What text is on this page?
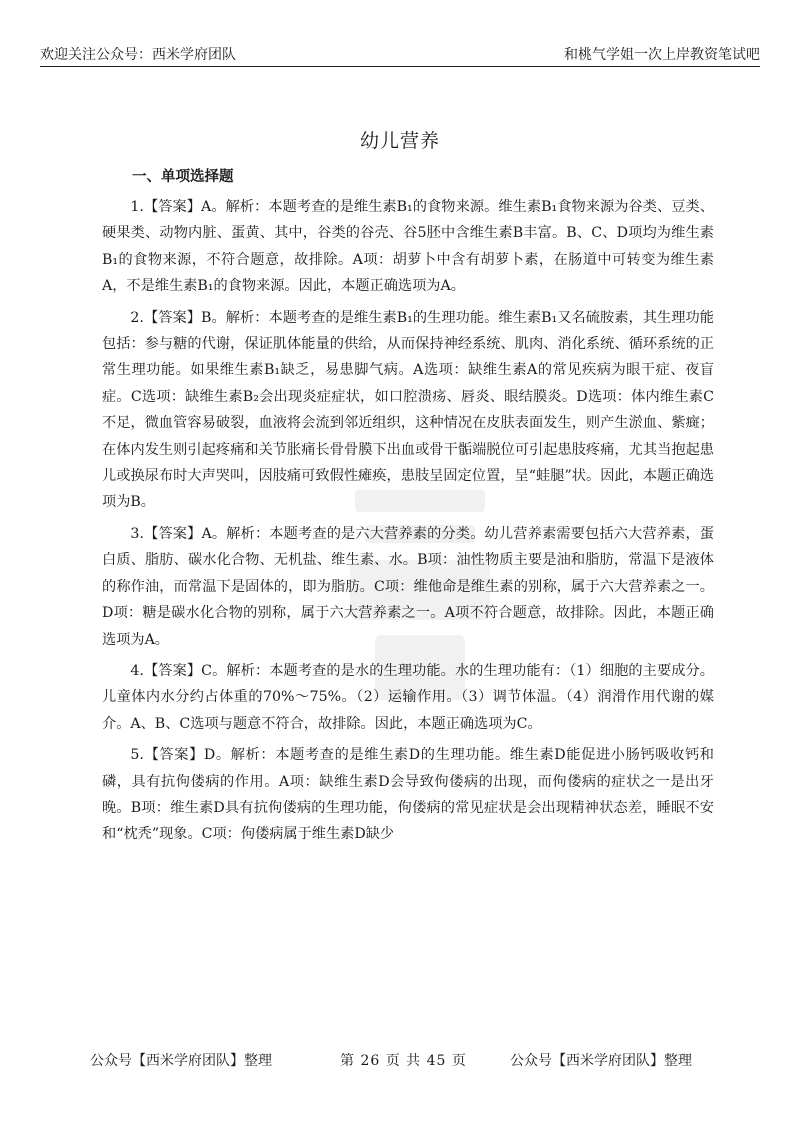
欢迎关注公众号：西米学府团队	和桃气学姐一次上岸教资笔试吧
幼儿营养
一、单项选择题

1.【答案】A。解析：本题考查的是维生素B₁的食物来源。维生素B₁食物来源为谷类、豆类、硬果类、动物内脏、蛋黄、其中，谷类的谷壳、谷5胚中含维生素B丰富。B、C、D项均为维生素B₁的食物来源，不符合题意，故排除。A项：胡萝卜中含有胡萝卜素，在肠道中可转变为维生素A，不是维生素B₁的食物来源。因此，本题正确选项为A。

2.【答案】B。解析：本题考查的是维生素B₁的生理功能。维生素B₁又名硫胺素，其生理功能包括：参与糖的代谢，保证肌体能量的供给，从而保持神经系统、肌肉、消化系统、循环系统的正常生理功能。如果维生素B₁缺乏，易患脚气病。A选项：缺维生素A的常见疾病为眼干症、夜盲症。C选项：缺维生素B₂会出现炎症症状，如口腔溃疡、唇炎、眼结膜炎。D选项：体内维生素C不足，微血管容易破裂，血液将会流到邻近组织，这种情况在皮肤表面发生，则产生淤血、紫癍；在体内发生则引起疼痛和关节胀痛长骨骨膜下出血或骨干骺端脱位可引起患肢疼痛，尤其当抱起患儿或换尿布时大声哭叫，因肢痛可致假性瘫痪，患肢呈固定位置，呈“蛙腿”状。因此，本题正确选项为B。

3.【答案】A。解析：本题考查的是六大营养素的分类。幼儿营养素需要包括六大营养素，蛋白质、脂肪、碳水化合物、无机盐、维生素、水。B项：油性物质主要是油和脂肪，常温下是液体的称作油，而常温下是固体的，即为脂肪。C项：维他命是维生素的别称，属于六大营养素之一。D项：糖是碳水化合物的别称，属于六大营养素之一。A项不符合题意，故排除。因此，本题正确选项为A。

4.【答案】C。解析：本题考查的是水的生理功能。水的生理功能有：（1）细胞的主要成分。儿童体内水分约占体重的70%～75%。（2）运输作用。（3）调节体温。（4）润滑作用代谢的媒介。A、B、C选项与题意不符合，故排除。因此，本题正确选项为C。

5.【答案】D。解析：本题考查的是维生素D的生理功能。维生素D能促进小肠钙吸收钙和磷，具有抗佝偻病的作用。A项：缺维生素D会导致佝偻病的出现，而佝偻病的症状之一是出牙晚。B项：维生素D具有抗佝偻病的生理功能，佝偻病的常见症状是会出现精神状态差，睡眠不安和“枕秃”现象。C项：佝偻病属于维生素D缺少

公众号【西米学府团队】整理	第 26 页 共 45 页	公众号【西米学府团队】整理
